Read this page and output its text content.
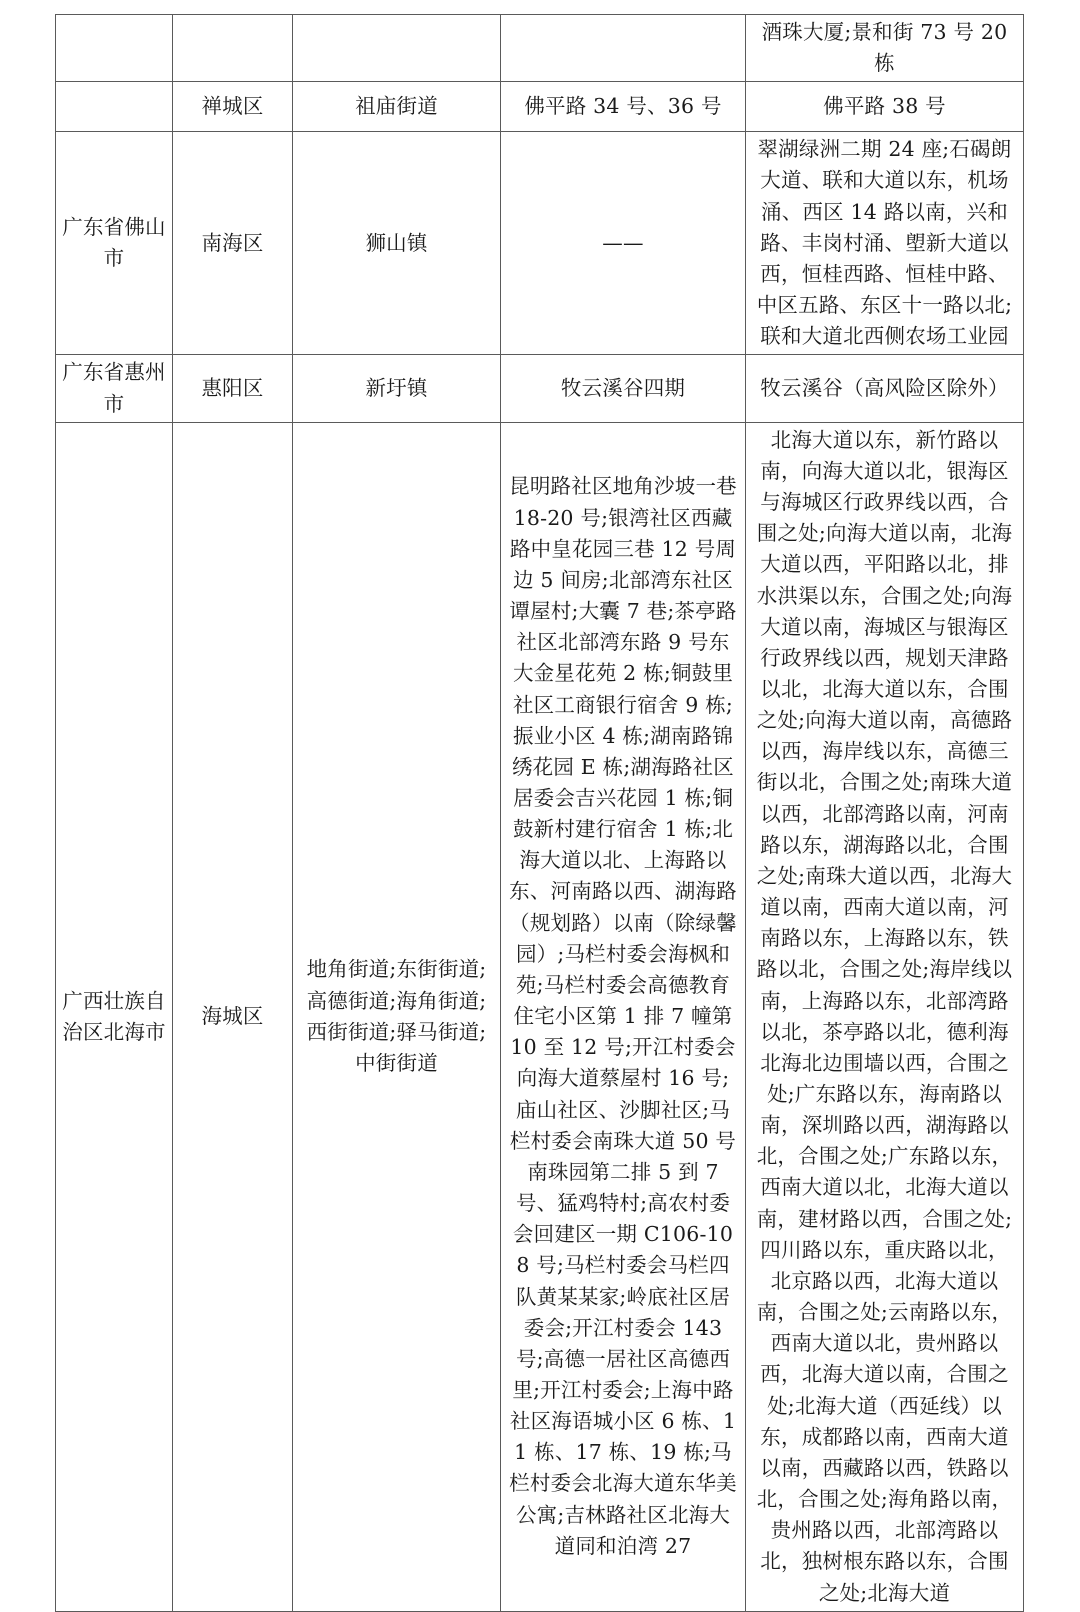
				酒珠大厦;景和街 73 号 20 栋
	禅城区	祖庙街道	佛平路 34 号、36 号	佛平路 38 号
广东省佛山市	南海区	狮山镇	——	翠湖绿洲二期 24 座;石碣朗大道、联和大道以东，机场涌、西区 14 路以南，兴和路、丰岗村涌、塱新大道以西，恒桂西路、恒桂中路、中区五路、东区十一路以北;联和大道北西侧农场工业园
广东省惠州市	惠阳区	新圩镇	牧云溪谷四期	牧云溪谷（高风险区除外）
广西壮族自治区北海市	海城区	地角街道;东街街道;高德街道;海角街道;西街街道;驿马街道;中街街道	昆明路社区地角沙坡一巷 18-20 号;银湾社区西藏路中皇花园三巷 12 号周边 5 间房;北部湾东社区谭屋村;大囊 7 巷;茶亭路社区北部湾东路 9 号东大金星花苑 2 栋;铜鼓里社区工商银行宿舍 9 栋;振业小区 4 栋;湖南路锦绣花园 E 栋;湖海路社区居委会吉兴花园 1 栋;铜鼓新村建行宿舍 1 栋;北海大道以北、上海路以东、河南路以西、湖海路（规划路）以南（除绿馨园）;马栏村委会海枫和苑;马栏村委会高德教育住宅小区第 1 排 7 幢第 10 至 12 号;开江村委会向海大道蔡屋村 16 号;庙山社区、沙脚社区;马栏村委会南珠大道 50 号南珠园第二排 5 到 7 号、猛鸡特村;高农村委会回建区一期 C106-108 号;马栏村委会马栏四队黄某某家;岭底社区居委会;开江村委会 143 号;高德一居社区高德西里;开江村委会;上海中路社区海语城小区 6 栋、11 栋、17 栋、19 栋;马栏村委会北海大道东华美公寓;吉林路社区北海大道同和泊湾 27	北海大道以东，新竹路以南，向海大道以北，银海区与海城区行政界线以西，合围之处;向海大道以南，北海大道以西，平阳路以北，排水洪渠以东，合围之处;向海大道以南，海城区与银海区行政界线以西，规划天津路以北，北海大道以东，合围之处;向海大道以南，高德路以西，海岸线以东，高德三街以北，合围之处;南珠大道以西，北部湾路以南，河南路以东，湖海路以北，合围之处;南珠大道以西，北海大道以南，西南大道以南，河南路以东，上海路以东，铁路以北，合围之处;海岸线以南，上海路以东，北部湾路以北，茶亭路以北，德利海北海北边围墙以西，合围之处;广东路以东，海南路以南，深圳路以西，湖海路以北，合围之处;广东路以东，西南大道以北，北海大道以南，建材路以西，合围之处;四川路以东，重庆路以北，北京路以西，北海大道以南，合围之处;云南路以东，西南大道以北，贵州路以西，北海大道以南，合围之处;北海大道（西延线）以东，成都路以南，西南大道以南，西藏路以西，铁路以北，合围之处;海角路以南，贵州路以西，北部湾路以北，独树根东路以东，合围之处;北海大道
